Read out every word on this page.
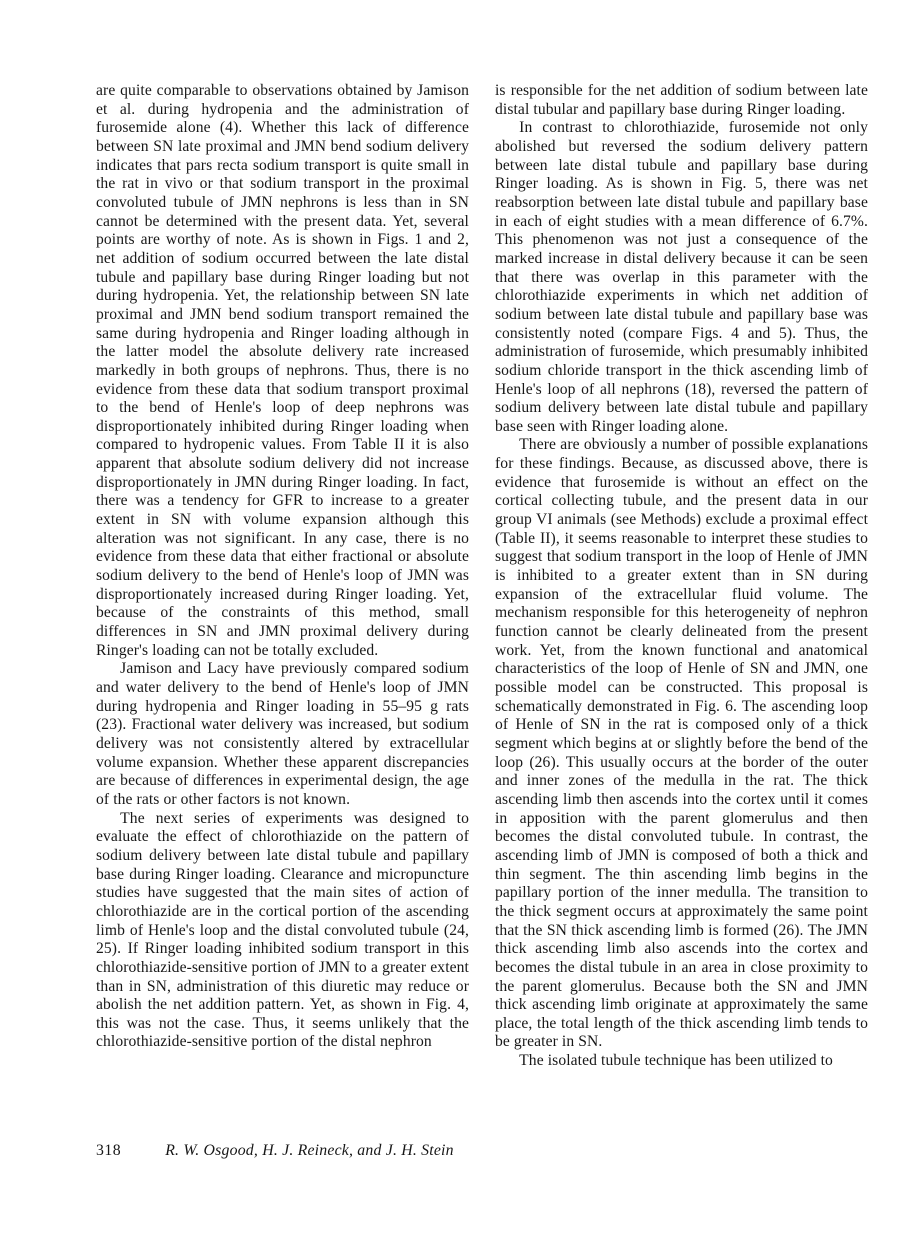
are quite comparable to observations obtained by Jamison et al. during hydropenia and the administration of furosemide alone (4). Whether this lack of difference between SN late proximal and JMN bend sodium delivery indicates that pars recta sodium transport is quite small in the rat in vivo or that sodium transport in the proximal convoluted tubule of JMN nephrons is less than in SN cannot be determined with the present data. Yet, several points are worthy of note. As is shown in Figs. 1 and 2, net addition of sodium occurred between the late distal tubule and papillary base during Ringer loading but not during hydropenia. Yet, the relationship between SN late proximal and JMN bend sodium transport remained the same during hydropenia and Ringer loading although in the latter model the absolute delivery rate increased markedly in both groups of nephrons. Thus, there is no evidence from these data that sodium transport proximal to the bend of Henle's loop of deep nephrons was disproportionately inhibited during Ringer loading when compared to hydropenic values. From Table II it is also apparent that absolute sodium delivery did not increase disproportionately in JMN during Ringer loading. In fact, there was a tendency for GFR to increase to a greater extent in SN with volume expansion although this alteration was not significant. In any case, there is no evidence from these data that either fractional or absolute sodium delivery to the bend of Henle's loop of JMN was disproportionately increased during Ringer loading. Yet, because of the constraints of this method, small differences in SN and JMN proximal delivery during Ringer's loading can not be totally excluded.

Jamison and Lacy have previously compared sodium and water delivery to the bend of Henle's loop of JMN during hydropenia and Ringer loading in 55–95 g rats (23). Fractional water delivery was increased, but sodium delivery was not consistently altered by extracellular volume expansion. Whether these apparent discrepancies are because of differences in experimental design, the age of the rats or other factors is not known.

The next series of experiments was designed to evaluate the effect of chlorothiazide on the pattern of sodium delivery between late distal tubule and papillary base during Ringer loading. Clearance and micropuncture studies have suggested that the main sites of action of chlorothiazide are in the cortical portion of the ascending limb of Henle's loop and the distal convoluted tubule (24, 25). If Ringer loading inhibited sodium transport in this chlorothiazide-sensitive portion of JMN to a greater extent than in SN, administration of this diuretic may reduce or abolish the net addition pattern. Yet, as shown in Fig. 4, this was not the case. Thus, it seems unlikely that the chlorothiazide-sensitive portion of the distal nephron

is responsible for the net addition of sodium between late distal tubular and papillary base during Ringer loading.

In contrast to chlorothiazide, furosemide not only abolished but reversed the sodium delivery pattern between late distal tubule and papillary base during Ringer loading. As is shown in Fig. 5, there was net reabsorption between late distal tubule and papillary base in each of eight studies with a mean difference of 6.7%. This phenomenon was not just a consequence of the marked increase in distal delivery because it can be seen that there was overlap in this parameter with the chlorothiazide experiments in which net addition of sodium between late distal tubule and papillary base was consistently noted (compare Figs. 4 and 5). Thus, the administration of furosemide, which presumably inhibited sodium chloride transport in the thick ascending limb of Henle's loop of all nephrons (18), reversed the pattern of sodium delivery between late distal tubule and papillary base seen with Ringer loading alone.

There are obviously a number of possible explanations for these findings. Because, as discussed above, there is evidence that furosemide is without an effect on the cortical collecting tubule, and the present data in our group VI animals (see Methods) exclude a proximal effect (Table II), it seems reasonable to interpret these studies to suggest that sodium transport in the loop of Henle of JMN is inhibited to a greater extent than in SN during expansion of the extracellular fluid volume. The mechanism responsible for this heterogeneity of nephron function cannot be clearly delineated from the present work. Yet, from the known functional and anatomical characteristics of the loop of Henle of SN and JMN, one possible model can be constructed. This proposal is schematically demonstrated in Fig. 6. The ascending loop of Henle of SN in the rat is composed only of a thick segment which begins at or slightly before the bend of the loop (26). This usually occurs at the border of the outer and inner zones of the medulla in the rat. The thick ascending limb then ascends into the cortex until it comes in apposition with the parent glomerulus and then becomes the distal convoluted tubule. In contrast, the ascending limb of JMN is composed of both a thick and thin segment. The thin ascending limb begins in the papillary portion of the inner medulla. The transition to the thick segment occurs at approximately the same point that the SN thick ascending limb is formed (26). The JMN thick ascending limb also ascends into the cortex and becomes the distal tubule in an area in close proximity to the parent glomerulus. Because both the SN and JMN thick ascending limb originate at approximately the same place, the total length of the thick ascending limb tends to be greater in SN.

The isolated tubule technique has been utilized to

318	R. W. Osgood, H. J. Reineck, and J. H. Stein
